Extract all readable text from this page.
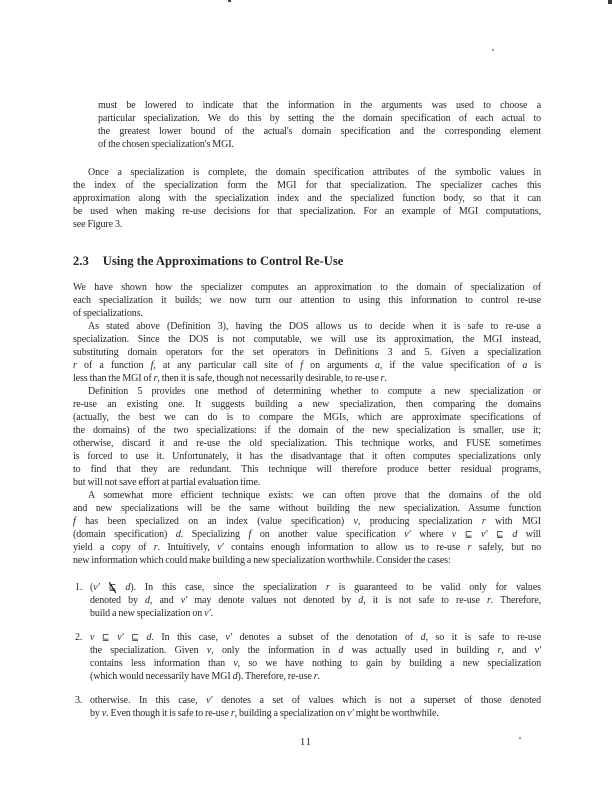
must be lowered to indicate that the information in the arguments was used to choose a
particular specialization. We do this by setting the the domain specification of each actual to
the greatest lower bound of the actual's domain specification and the corresponding element
of the chosen specialization's MGI.
Once a specialization is complete, the domain specification attributes of the symbolic values in
the index of the specialization form the MGI for that specialization. The specializer caches this
approximation along with the specialization index and the specialized function body, so that it can
be used when making re-use decisions for that specialization. For an example of MGI computations,
see Figure 3.
2.3 Using the Approximations to Control Re-Use
We have shown how the specializer computes an approximation to the domain of specialization of
each specialization it builds; we now turn our attention to using this information to control re-use
of specializations.
As stated above (Definition 3), having the DOS allows us to decide when it is safe to re-use a
specialization. Since the DOS is not computable, we will use its approximation, the MGI instead,
substituting domain operators for the set operators in Definitions 3 and 5. Given a specialization
r of a function f, at any particular call site of f on arguments a, if the value specification of a is
less than the MGI of r, then it is safe, though not necessarily desirable, to re-use r.
Definition 5 provides one method of determining whether to compute a new specialization or
re-use an existing one. It suggests building a new specialization, then comparing the domains
(actually, the best we can do is to compare the MGIs, which are approximate specifications of
the domains) of the two specializations: if the domain of the new specialization is smaller, use it;
otherwise, discard it and re-use the old specialization. This technique works, and FUSE sometimes
is forced to use it. Unfortunately, it has the disadvantage that it often computes specializations only
to find that they are redundant. This technique will therefore produce better residual programs,
but will not save effort at partial evaluation time.
A somewhat more efficient technique exists: we can often prove that the domains of the old
and new specializations will be the same without building the new specialization. Assume function
f has been specialized on an index (value specification) v, producing specialization r with MGI
(domain specification) d. Specializing f on another value specification v′ where v ⊑ v′ ⊑ d will
yield a copy of r. Intuitively, v′ contains enough information to allow us to re-use r safely, but no
new information which could make building a new specialization worthwhile. Consider the cases:
1. (v′ ⊑ d). In this case, since the specialization r is guaranteed to be valid only for values
denoted by d, and v′ may denote values not denoted by d, it is not safe to re-use r. Therefore,
build a new specialization on v′.
2. v ⊑ v′ ⊑ d. In this case, v′ denotes a subset of the denotation of d, so it is safe to re-use
the specialization. Given v, only the information in d was actually used in building r, and v′
contains less information than v, so we have nothing to gain by building a new specialization
(which would necessarily have MGI d). Therefore, re-use r.
3. otherwise. In this case, v′ denotes a set of values which is not a superset of those denoted
by v. Even though it is safe to re-use r, building a specialization on v′ might be worthwhile.
11
